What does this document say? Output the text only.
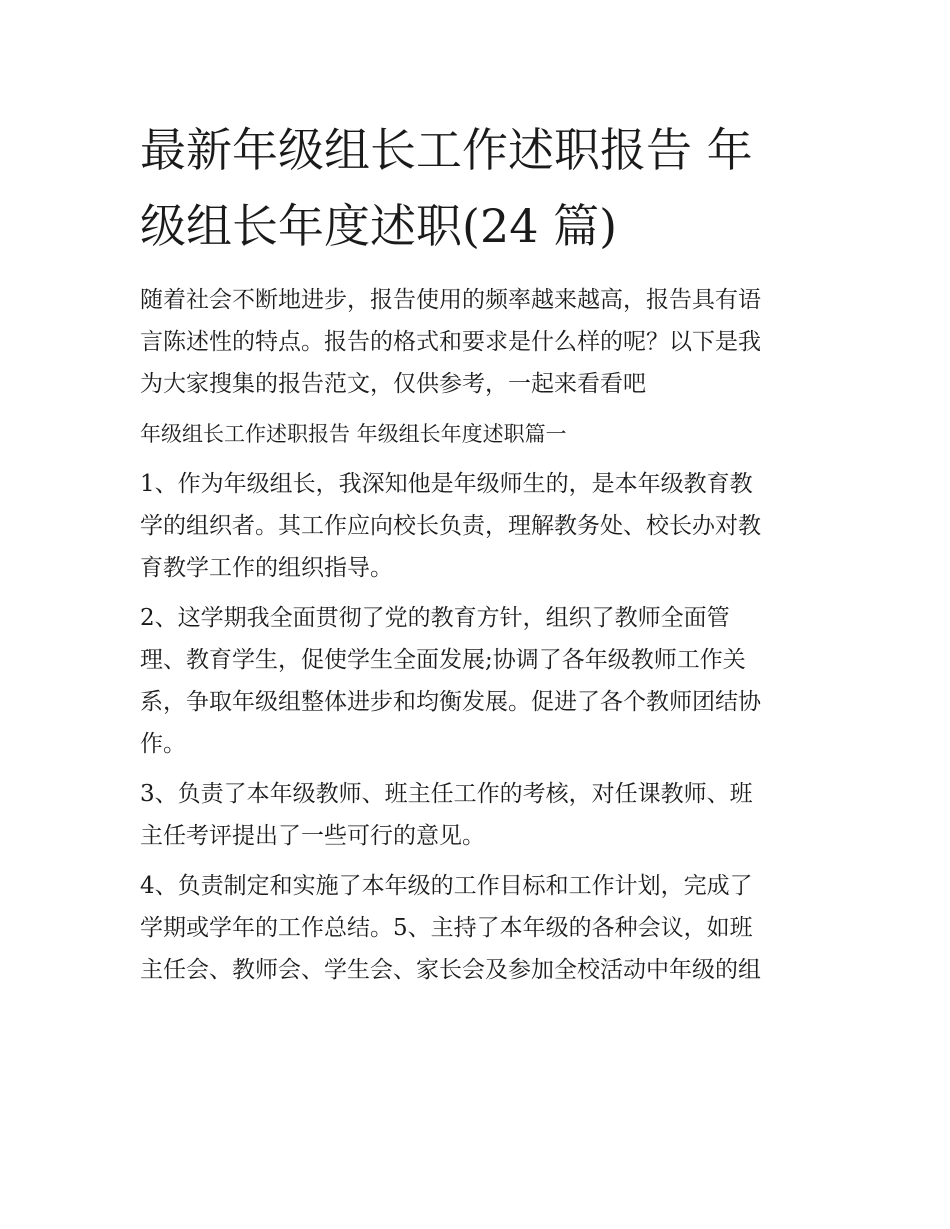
最新年级组长工作述职报告 年
级组长年度述职(24 篇)

随着社会不断地进步，报告使用的频率越来越高，报告具有语
言陈述性的特点。报告的格式和要求是什么样的呢？以下是我
为大家搜集的报告范文，仅供参考，一起来看看吧

年级组长工作述职报告 年级组长年度述职篇一

1、作为年级组长，我深知他是年级师生的，是本年级教育教
学的组织者。其工作应向校长负责，理解教务处、校长办对教
育教学工作的组织指导。

2、这学期我全面贯彻了党的教育方针，组织了教师全面管
理、教育学生，促使学生全面发展;协调了各年级教师工作关
系，争取年级组整体进步和均衡发展。促进了各个教师团结协
作。

3、负责了本年级教师、班主任工作的考核，对任课教师、班
主任考评提出了一些可行的意见。

4、负责制定和实施了本年级的工作目标和工作计划，完成了
学期或学年的工作总结。5、主持了本年级的各种会议，如班
主任会、教师会、学生会、家长会及参加全校活动中年级的组
